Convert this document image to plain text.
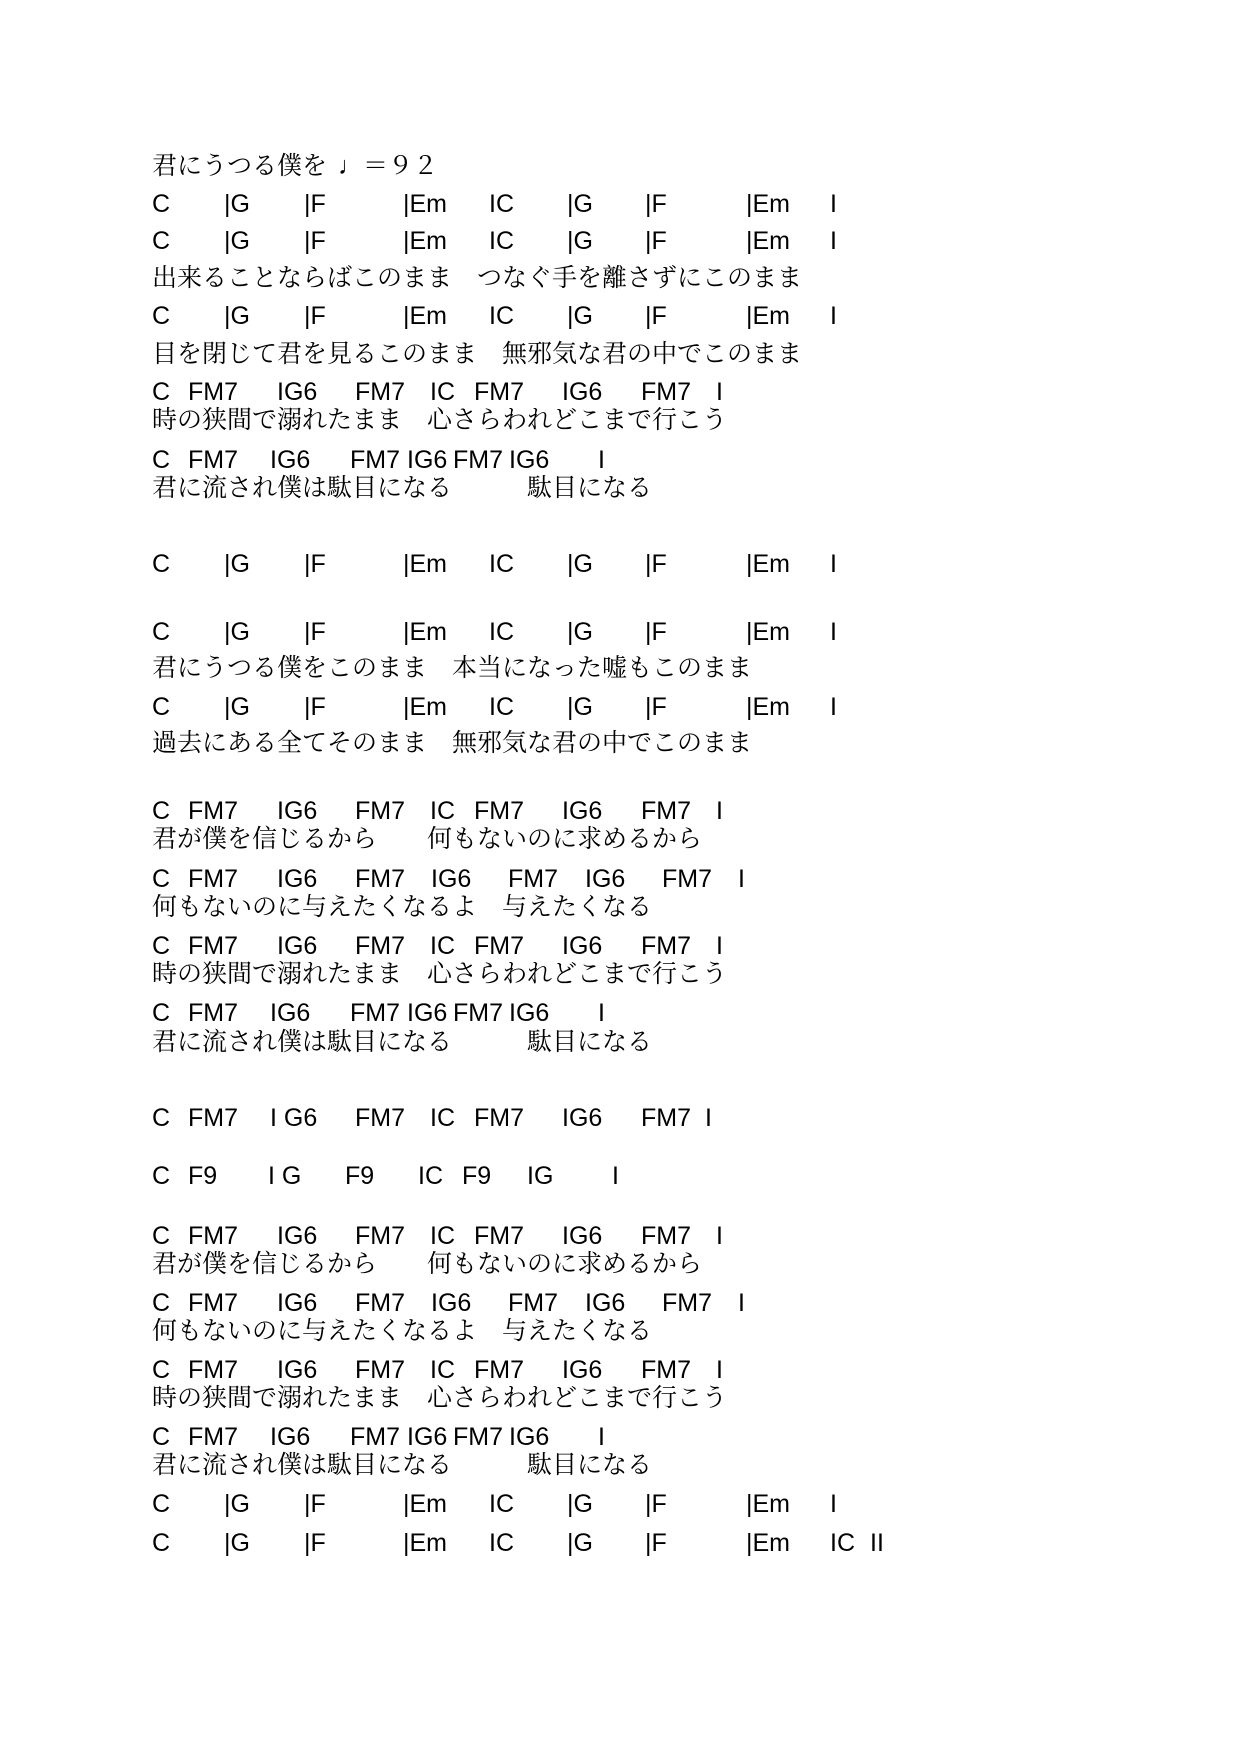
君にうつる僕を

♩＝９２

C |G |F	|Em IC |G |F	|Em I
C |G |F	|Em IC |G |F	|Em I
出来ることならばこのまま　つなぐ手を離さずにこのまま
C |G |F	|Em IC |G |F	|Em I
目を閉じて君を見るこのまま　無邪気な君の中でこのまま
C FM7 IG6 FM7 IC FM7 IG6 FM7 I
時の狭間で溺れたまま　心さらわれどこまで行こう
C FM7 IG6 FM7 IG6 FM7 IG6 I
君に流され僕は駄目になる　　　駄目になる
C |G |F	|Em IC |G |F	|Em I
C |G |F	|Em IC |G |F	|Em I
君にうつる僕をこのまま　本当になった嘘もこのまま
C |G |F	|Em IC |G |F	|Em I
過去にある全てそのまま　無邪気な君の中でこのまま
C FM7 IG6 FM7 IC FM7 IG6 FM7 I
君が僕を信じるから　　何もないのに求めるから
C FM7 IG6 FM7 IG6 FM7 IG6 FM7 I
何もないのに与えたくなるよ　与えたくなる
C FM7 IG6 FM7 IC FM7 IG6 FM7 I
時の狭間で溺れたまま　心さらわれどこまで行こう
C FM7 IG6 FM7 IG6 FM7 IG6 I
君に流され僕は駄目になる　　　駄目になる
C FM7 I G6 FM7 IC FM7 IG6 FM7 I
C F9 I G F9 IC F9 IG I
C FM7 IG6 FM7 IC FM7 IG6 FM7 I
君が僕を信じるから　　何もないのに求めるから
C FM7 IG6 FM7 IG6 FM7 IG6 FM7 I
何もないのに与えたくなるよ　与えたくなる
C FM7 IG6 FM7 IC FM7 IG6 FM7 I
時の狭間で溺れたまま　心さらわれどこまで行こう
C FM7 IG6 FM7 IG6 FM7 IG6 I
君に流され僕は駄目になる　　　駄目になる
C |G |F	|Em IC |G |F	|Em I
C |G |F	|Em IC |G |F	|Em IC II
